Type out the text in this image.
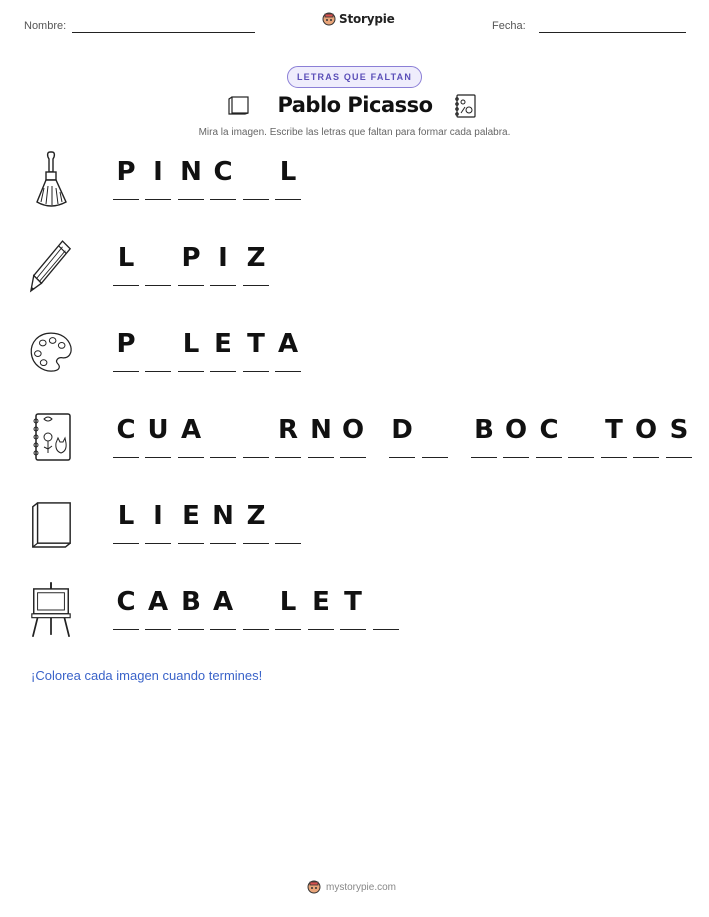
Nombre:	Storypie	Fecha:
LETRAS QUE FALTAN
Pablo Picasso
Mira la imagen. Escribe las letras que faltan para formar cada palabra.
P I N C L
L P I Z
P L E T A
C U A	R N O D B O C T O S
L I E N Z
C A B A L E T
¡Colorea cada imagen cuando termines!
mystorypie.com
